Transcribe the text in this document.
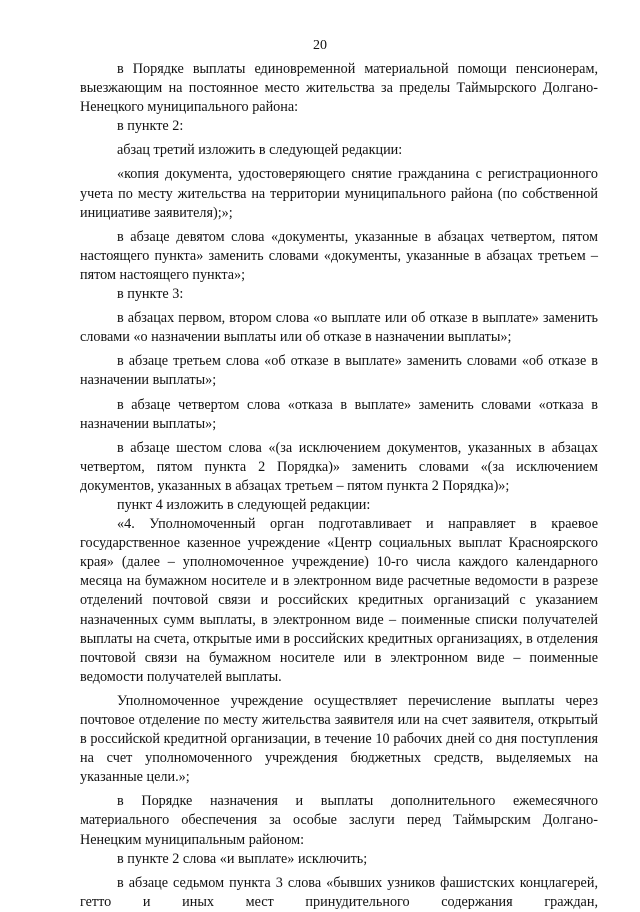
20

в Порядке выплаты единовременной материальной помощи пенсионерам, выезжающим на постоянное место жительства за пределы Таймырского Долгано-Ненецкого муниципального района:

в пункте 2:

абзац третий изложить в следующей редакции:

«копия документа, удостоверяющего снятие гражданина с регистрационного учета по месту жительства на территории муниципального района (по собственной инициативе заявителя);»;

в абзаце девятом слова «документы, указанные в абзацах четвертом, пятом настоящего пункта» заменить словами «документы, указанные в абзацах третьем – пятом настоящего пункта»;

в пункте 3:

в абзацах первом, втором слова «о выплате или об отказе в выплате» заменить словами «о назначении выплаты или об отказе в назначении выплаты»;

в абзаце третьем слова «об отказе в выплате» заменить словами «об отказе в назначении выплаты»;

в абзаце четвертом слова «отказа в выплате» заменить словами «отказа в назначении выплаты»;

в абзаце шестом слова «(за исключением документов, указанных в абзацах четвертом, пятом пункта 2 Порядка)» заменить словами «(за исключением документов, указанных в абзацах третьем – пятом пункта 2 Порядка)»;

пункт 4 изложить в следующей редакции:

«4. Уполномоченный орган подготавливает и направляет в краевое государственное казенное учреждение «Центр социальных выплат Красноярского края» (далее – уполномоченное учреждение) 10-го числа каждого календарного месяца на бумажном носителе и в электронном виде расчетные ведомости в разрезе отделений почтовой связи и российских кредитных организаций с указанием назначенных сумм выплаты, в электронном виде – поименные списки получателей выплаты на счета, открытые ими в российских кредитных организациях, в отделения почтовой связи на бумажном носителе или в электронном виде – поименные ведомости получателей выплаты.

Уполномоченное учреждение осуществляет перечисление выплаты через почтовое отделение по месту жительства заявителя или на счет заявителя, открытый в российской кредитной организации, в течение 10 рабочих дней со дня поступления на счет уполномоченного учреждения бюджетных средств, выделяемых на указанные цели.»;

в Порядке назначения и выплаты дополнительного ежемесячного материального обеспечения за особые заслуги перед Таймырским Долгано-Ненецким муниципальным районом:

в пункте 2 слова «и выплате» исключить;

в абзаце седьмом пункта 3 слова «бывших узников фашистских концлагерей, гетто и иных мест принудительного содержания граждан,
